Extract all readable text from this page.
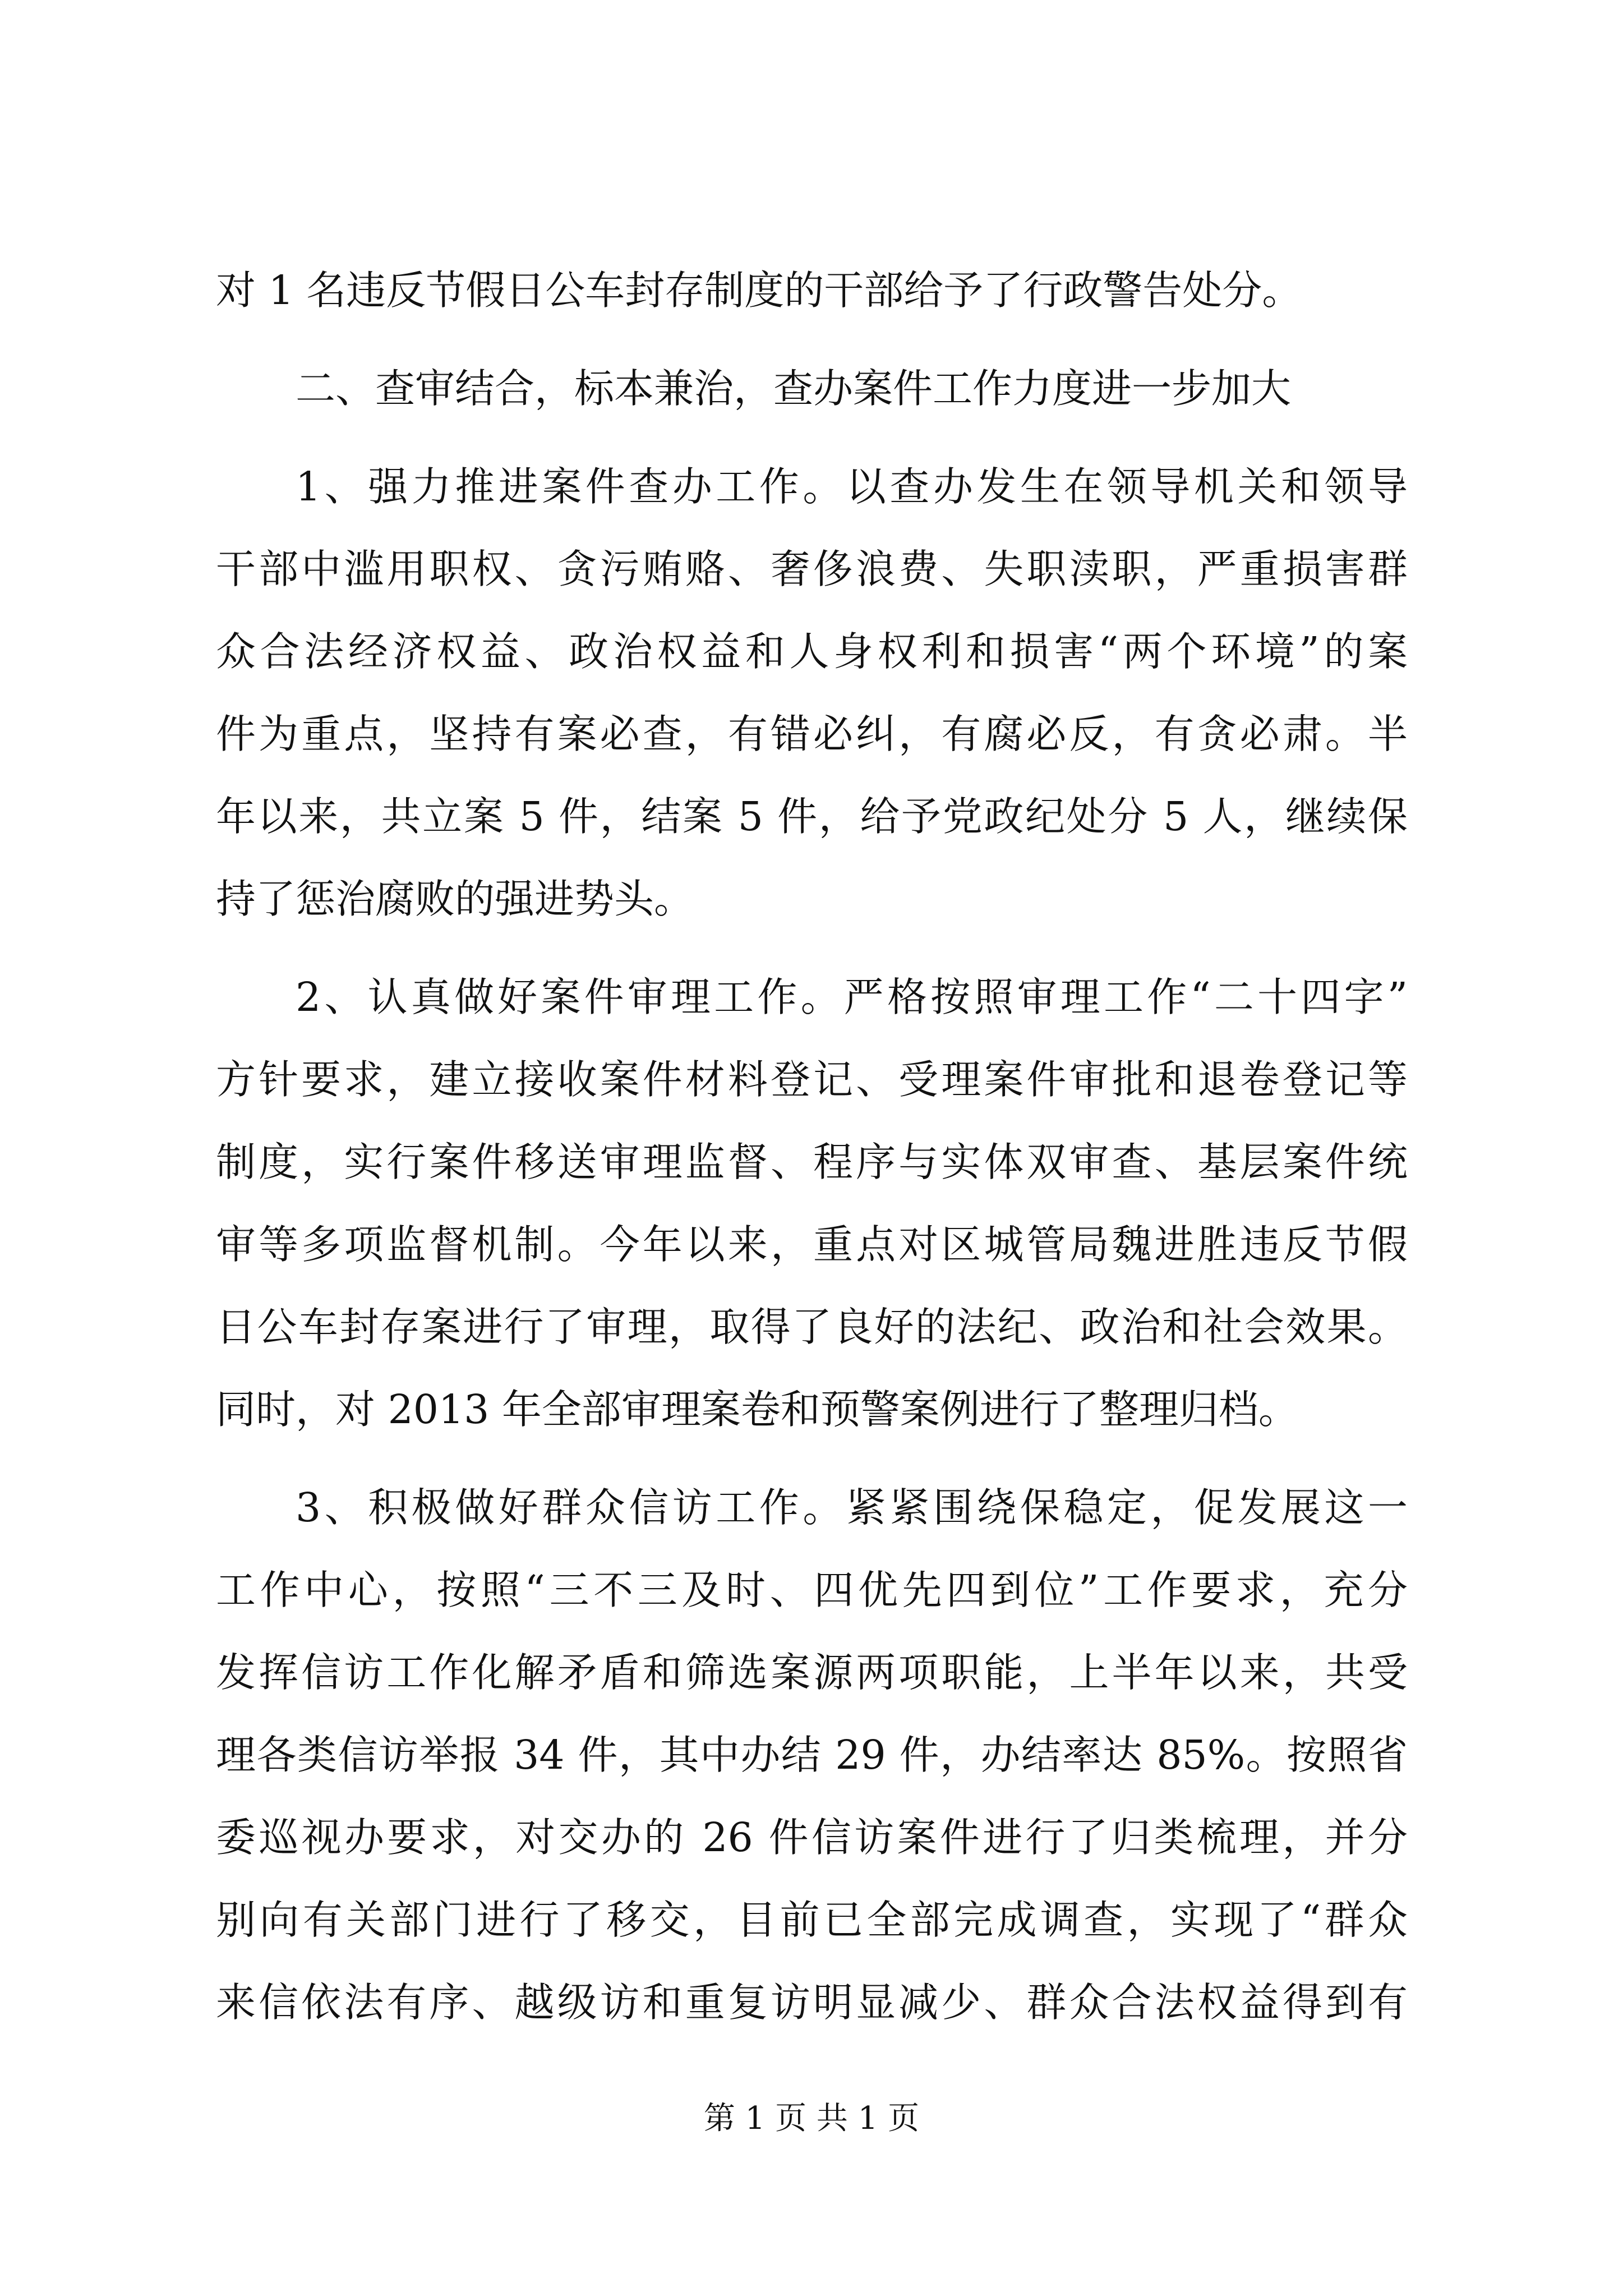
对 1 名违反节假日公车封存制度的干部给予了行政警告处分。
二、查审结合，标本兼治，查办案件工作力度进一步加大
1、强力推进案件查办工作。以查办发生在领导机关和领导
干部中滥用职权、贪污贿赂、奢侈浪费、失职渎职，严重损害群
众合法经济权益、政治权益和人身权利和损害“两个环境”的案
件为重点，坚持有案必查，有错必纠，有腐必反，有贪必肃。半
年以来，共立案 5 件，结案 5 件，给予党政纪处分 5 人，继续保
持了惩治腐败的强进势头。
2、认真做好案件审理工作。严格按照审理工作“二十四字”
方针要求，建立接收案件材料登记、受理案件审批和退卷登记等
制度，实行案件移送审理监督、程序与实体双审查、基层案件统
审等多项监督机制。今年以来，重点对区城管局魏进胜违反节假
日公车封存案进行了审理，取得了良好的法纪、政治和社会效果。
同时，对 2013 年全部审理案卷和预警案例进行了整理归档。
3、积极做好群众信访工作。紧紧围绕保稳定，促发展这一
工作中心，按照“三不三及时、四优先四到位”工作要求，充分
发挥信访工作化解矛盾和筛选案源两项职能，上半年以来，共受
理各类信访举报 34 件，其中办结 29 件，办结率达 85%。按照省
委巡视办要求，对交办的 26 件信访案件进行了归类梳理，并分
别向有关部门进行了移交，目前已全部完成调查，实现了“群众
来信依法有序、越级访和重复访明显减少、群众合法权益得到有
第 1 页 共 1 页
